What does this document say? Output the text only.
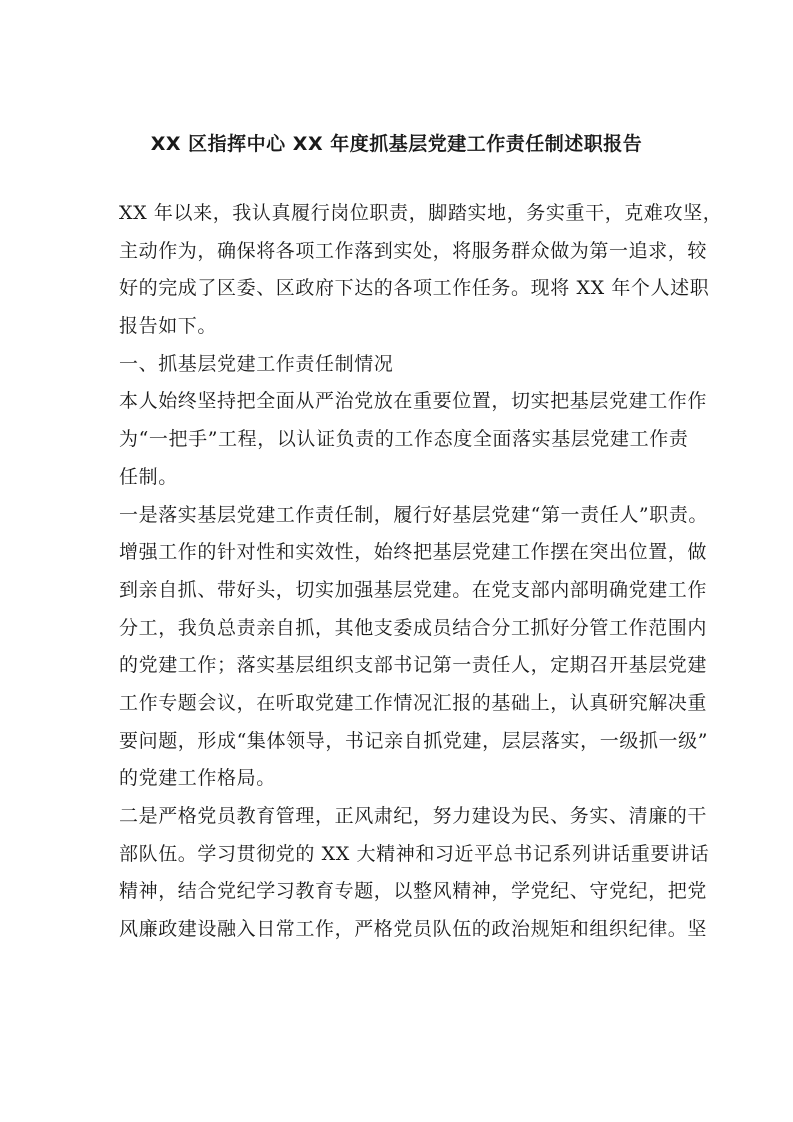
XX 区指挥中心 XX 年度抓基层党建工作责任制述职报告
XX 年以来，我认真履行岗位职责，脚踏实地，务实重干，克难攻坚，
主动作为，确保将各项工作落到实处，将服务群众做为第一追求，较
好的完成了区委、区政府下达的各项工作任务。现将 XX 年个人述职
报告如下。
一、抓基层党建工作责任制情况
本人始终坚持把全面从严治党放在重要位置，切实把基层党建工作作
为“一把手”工程，以认证负责的工作态度全面落实基层党建工作责
任制。
一是落实基层党建工作责任制，履行好基层党建“第一责任人”职责。
增强工作的针对性和实效性，始终把基层党建工作摆在突出位置，做
到亲自抓、带好头，切实加强基层党建。在党支部内部明确党建工作
分工，我负总责亲自抓，其他支委成员结合分工抓好分管工作范围内
的党建工作；落实基层组织支部书记第一责任人，定期召开基层党建
工作专题会议，在听取党建工作情况汇报的基础上，认真研究解决重
要问题，形成“集体领导，书记亲自抓党建，层层落实，一级抓一级”
的党建工作格局。
二是严格党员教育管理，正风肃纪，努力建设为民、务实、清廉的干
部队伍。学习贯彻党的 XX 大精神和习近平总书记系列讲话重要讲话
精神，结合党纪学习教育专题，以整风精神，学党纪、守党纪，把党
风廉政建设融入日常工作，严格党员队伍的政治规矩和组织纪律。坚
